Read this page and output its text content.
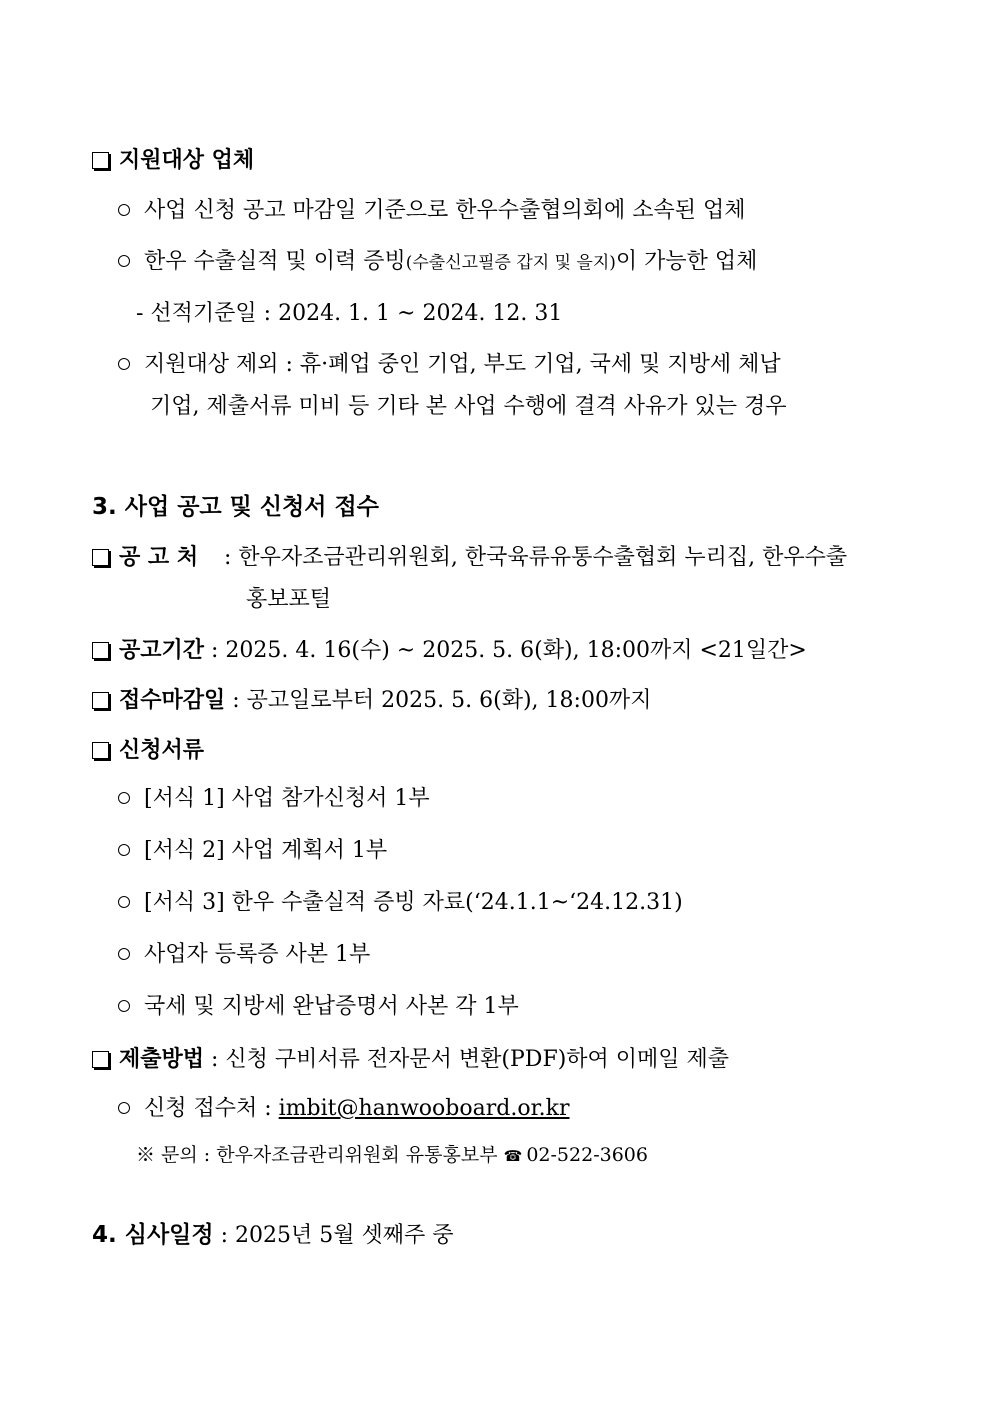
지원대상 업체
사업 신청 공고 마감일 기준으로 한우수출협의회에 소속된 업체
한우 수출실적 및 이력 증빙(수출신고필증 갑지 및 을지)이 가능한 업체
- 선적기준일 : 2024. 1. 1 ~ 2024. 12. 31
지원대상 제외 : 휴·폐업 중인 기업, 부도 기업, 국세 및 지방세 체납
기업, 제출서류 미비 등 기타 본 사업 수행에 결격 사유가 있는 경우
3. 사업 공고 및 신청서 접수
공 고 처 : 한우자조금관리위원회, 한국육류유통수출협회 누리집, 한우수출
홍보포털
공고기간 : 2025. 4. 16(수) ~ 2025. 5. 6(화), 18:00까지 <21일간>
접수마감일 : 공고일로부터 2025. 5. 6(화), 18:00까지
신청서류
[서식 1] 사업 참가신청서 1부
[서식 2] 사업 계획서 1부
[서식 3] 한우 수출실적 증빙 자료(‘24.1.1~‘24.12.31)
사업자 등록증 사본 1부
국세 및 지방세 완납증명서 사본 각 1부
제출방법 : 신청 구비서류 전자문서 변환(PDF)하여 이메일 제출
신청 접수처 : imbit@hanwooboard.or.kr
※ 문의 : 한우자조금관리위원회 유통홍보부 ☎ 02-522-3606
4. 심사일정 : 2025년 5월 셋째주 중
